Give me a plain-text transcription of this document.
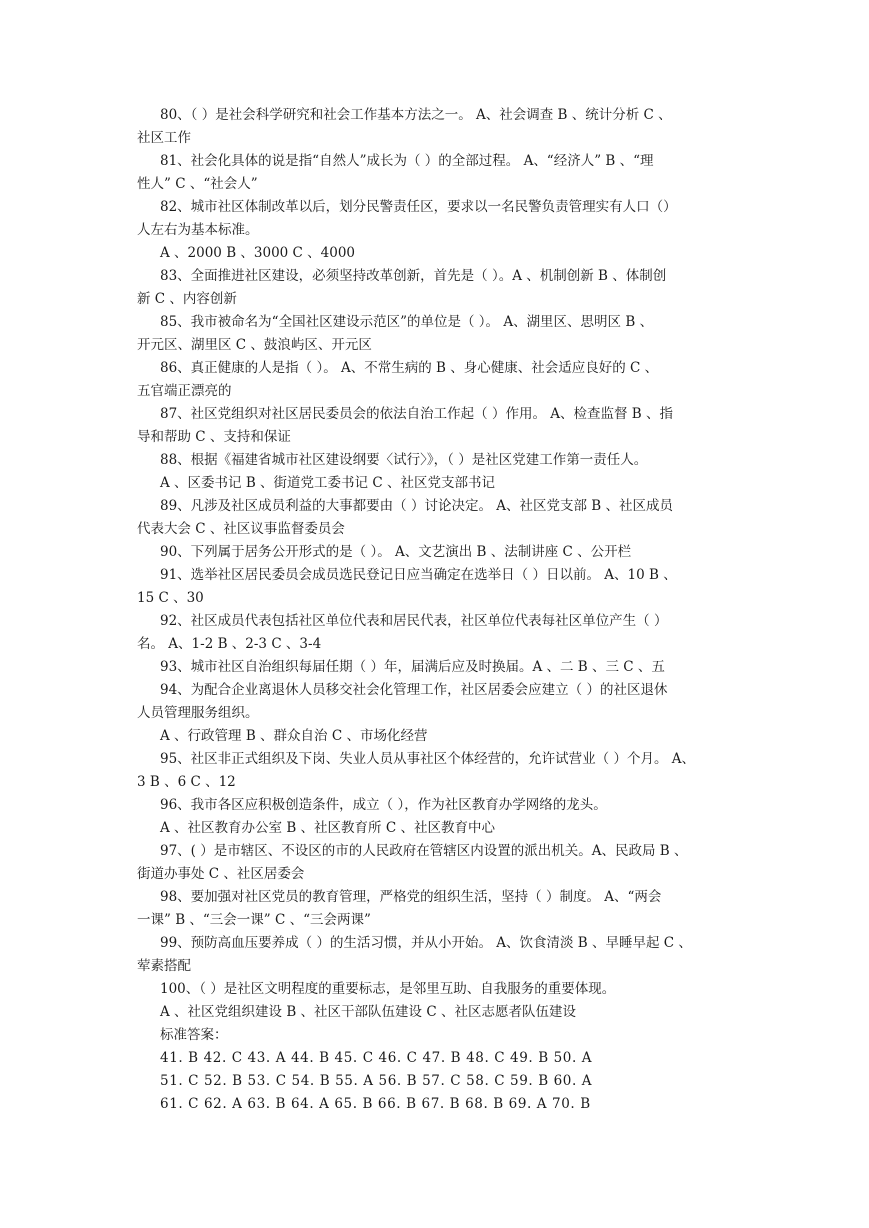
80、（ ）是社会科学研究和社会工作基本方法之一。 A、社会调查 B 、统计分析 C 、
社区工作
81、社会化具体的说是指“自然人”成长为（ ）的全部过程。 A、“经济人” B 、“理
性人” C 、“社会人”
82、城市社区体制改革以后，划分民警责任区，要求以一名民警负责管理实有人口（）
人左右为基本标准。
A 、2000 B 、3000 C 、4000
83、全面推进社区建设，必须坚持改革创新，首先是（ ）。A 、机制创新 B 、体制创
新 C 、内容创新
85、我市被命名为“全国社区建设示范区”的单位是（ ）。 A、湖里区、思明区 B 、
开元区、湖里区 C 、鼓浪屿区、开元区
86、真正健康的人是指（ ）。 A、不常生病的 B 、身心健康、社会适应良好的 C 、
五官端正漂亮的
87、社区党组织对社区居民委员会的依法自治工作起（ ）作用。 A、检查监督 B 、指
导和帮助 C 、支持和保证
88、根据《福建省城市社区建设纲要〈试行〉》，（ ）是社区党建工作第一责任人。
A 、区委书记 B 、街道党工委书记 C 、社区党支部书记
89、凡涉及社区成员利益的大事都要由（ ）讨论决定。 A、社区党支部 B 、社区成员
代表大会 C 、社区议事监督委员会
90、下列属于居务公开形式的是（ ）。 A、文艺演出 B 、法制讲座 C 、公开栏
91、选举社区居民委员会成员选民登记日应当确定在选举日（ ）日以前。 A、10 B 、
15 C 、30
92、社区成员代表包括社区单位代表和居民代表，社区单位代表每社区单位产生（ ）
名。 A、1-2 B 、2-3 C 、3-4
93、城市社区自治组织每届任期（ ）年，届满后应及时换届。A 、二 B 、三 C 、五
94、为配合企业离退休人员移交社会化管理工作，社区居委会应建立（ ）的社区退休
人员管理服务组织。
A 、行政管理 B 、群众自治 C 、市场化经营
95、社区非正式组织及下岗、失业人员从事社区个体经营的，允许试营业（ ）个月。 A、
3 B 、6 C 、12
96、我市各区应积极创造条件，成立（ ），作为社区教育办学网络的龙头。
A 、社区教育办公室 B 、社区教育所 C 、社区教育中心
97、( ）是市辖区、不设区的市的人民政府在管辖区内设置的派出机关。A、民政局 B 、
街道办事处 C 、社区居委会
98、要加强对社区党员的教育管理，严格党的组织生活，坚持（ ）制度。 A、“两会
一课” B 、“三会一课” C 、“三会两课”
99、预防高血压要养成（ ）的生活习惯，并从小开始。 A、饮食清淡 B 、早睡早起 C 、
荤素搭配
100、（ ）是社区文明程度的重要标志，是邻里互助、自我服务的重要体现。
A 、社区党组织建设 B 、社区干部队伍建设 C 、社区志愿者队伍建设
标准答案：
41. B 42. C 43. A 44. B 45. C 46. C 47. B 48. C 49. B 50. A
51. C 52. B 53. C 54. B 55. A 56. B 57. C 58. C 59. B 60. A
61. C 62. A 63. B 64. A 65. B 66. B 67. B 68. B 69. A 70. B
